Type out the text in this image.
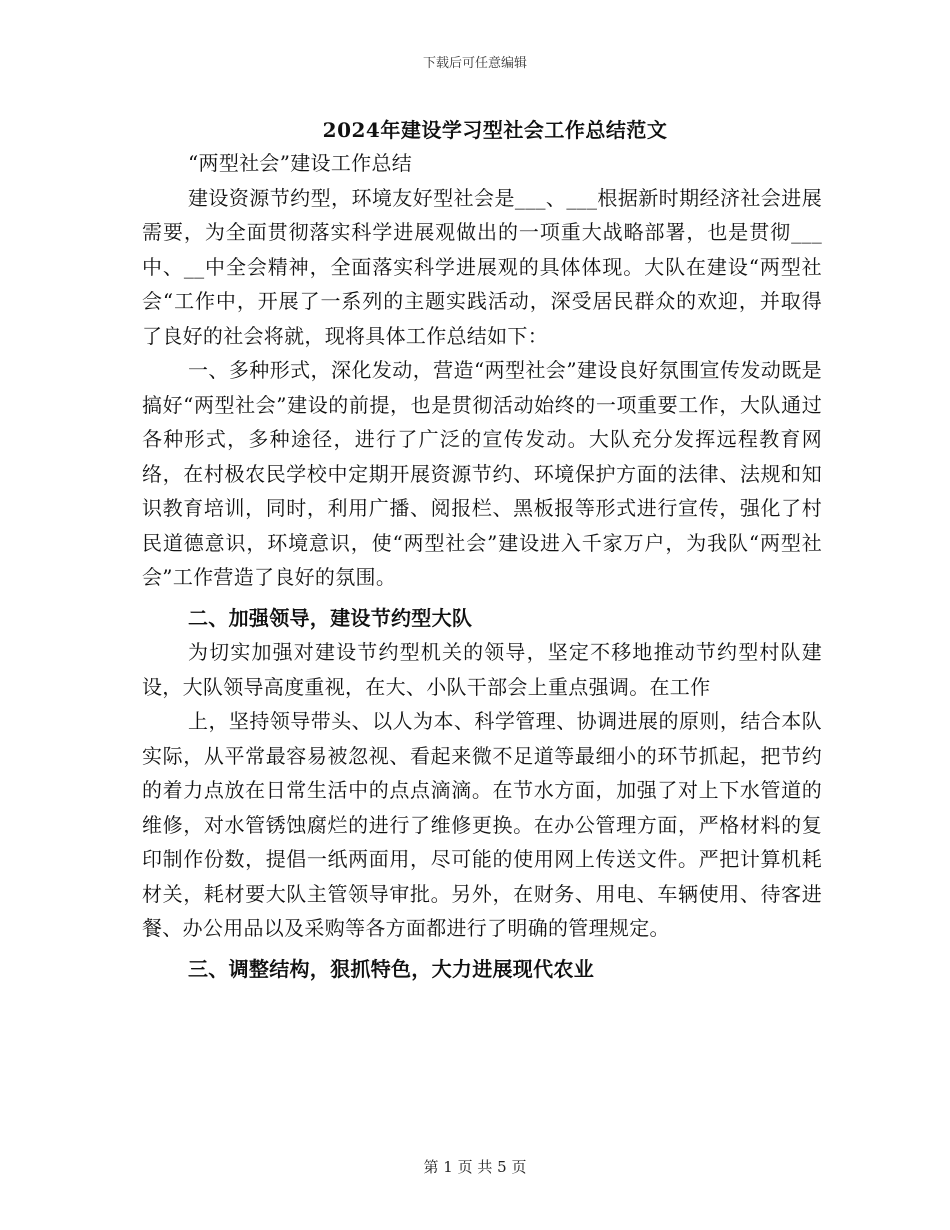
下载后可任意编辑
2024年建设学习型社会工作总结范文

“两型社会”建设工作总结

建设资源节约型，环境友好型社会是___、___根据新时期经济社会进展需要，为全面贯彻落实科学进展观做出的一项重大战略部署，也是贯彻___中、__中全会精神，全面落实科学进展观的具体体现。大队在建设“两型社会“工作中，开展了一系列的主题实践活动，深受居民群众的欢迎，并取得了良好的社会将就，现将具体工作总结如下：

一、多种形式，深化发动，营造“两型社会”建设良好氛围宣传发动既是搞好“两型社会”建设的前提，也是贯彻活动始终的一项重要工作，大队通过各种形式，多种途径，进行了广泛的宣传发动。大队充分发挥远程教育网络，在村极农民学校中定期开展资源节约、环境保护方面的法律、法规和知识教育培训，同时，利用广播、阅报栏、黑板报等形式进行宣传，强化了村民道德意识，环境意识，使“两型社会”建设进入千家万户，为我队“两型社会”工作营造了良好的氛围。

二、加强领导，建设节约型大队

为切实加强对建设节约型机关的领导，坚定不移地推动节约型村队建设，大队领导高度重视，在大、小队干部会上重点强调。在工作

上，坚持领导带头、以人为本、科学管理、协调进展的原则，结合本队实际，从平常最容易被忽视、看起来微不足道等最细小的环节抓起，把节约的着力点放在日常生活中的点点滴滴。在节水方面，加强了对上下水管道的维修，对水管锈蚀腐烂的进行了维修更换。在办公管理方面，严格材料的复印制作份数，提倡一纸两面用，尽可能的使用网上传送文件。严把计算机耗材关，耗材要大队主管领导审批。另外，在财务、用电、车辆使用、待客进餐、办公用品以及采购等各方面都进行了明确的管理规定。

三、调整结构，狠抓特色，大力进展现代农业

第 1 页 共 5 页
